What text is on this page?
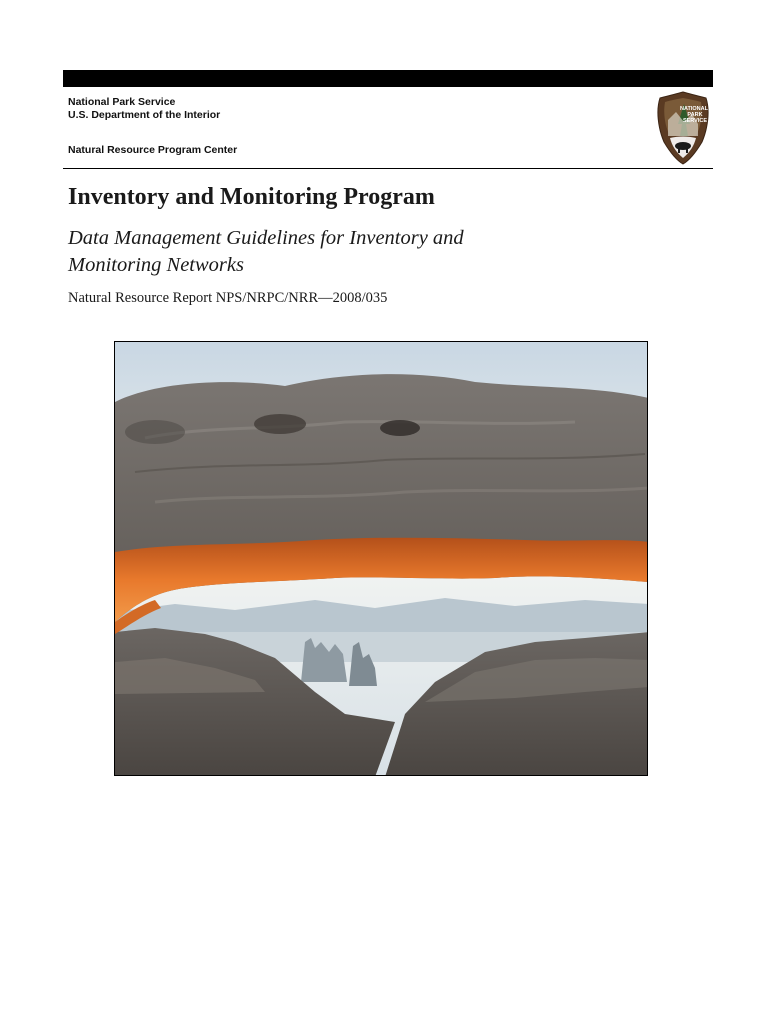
National Park Service
U.S. Department of the Interior
Natural Resource Program Center
NATIONAL
PARK
SERVICE
Inventory and Monitoring Program

Data Management Guidelines for Inventory and Monitoring Networks

Natural Resource Report NPS/NRPC/NRR—2008/035
